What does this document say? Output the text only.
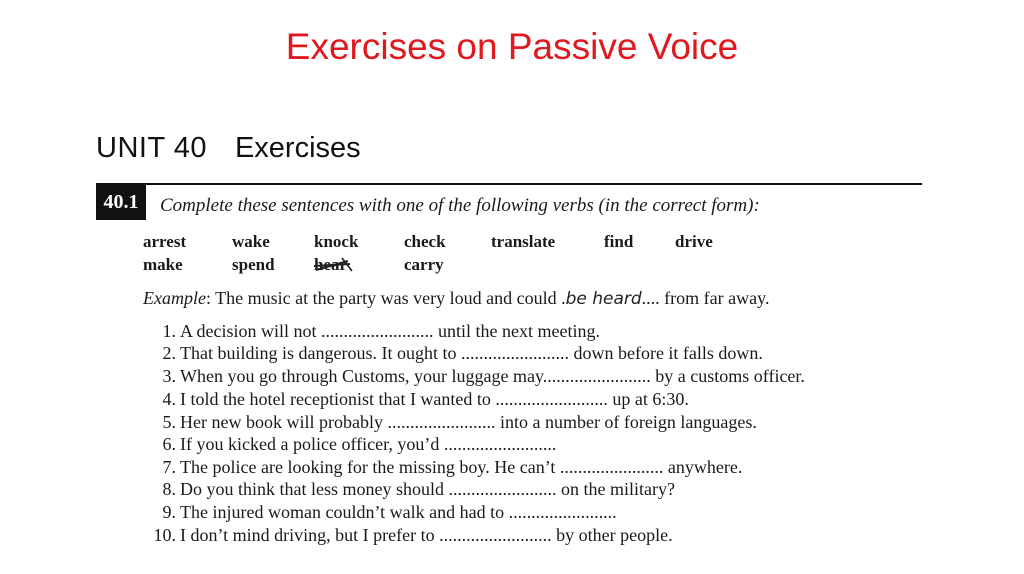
Exercises on Passive Voice
UNIT 40 Exercises
40.1	Complete these sentences with one of the following verbs (in the correct form):
arrest	wake	knock	check	translate	find drive
make	spend hear	carry
Example: The music at the party was very loud and could .be heard.... from far away.
1. A decision will not ......................... until the next meeting.
2. That building is dangerous. It ought to ........................ down before it falls down.
3. When you go through Customs, your luggage may........................ by a customs officer.
4. I told the hotel receptionist that I wanted to ......................... up at 6:30.
5. Her new book will probably ........................ into a number of foreign languages.
6. If you kicked a police officer, you’d .........................
7. The police are looking for the missing boy. He can’t ....................... anywhere.
8. Do you think that less money should ........................ on the military?
9. The injured woman couldn’t walk and had to ........................
10. I don’t mind driving, but I prefer to ......................... by other people.
